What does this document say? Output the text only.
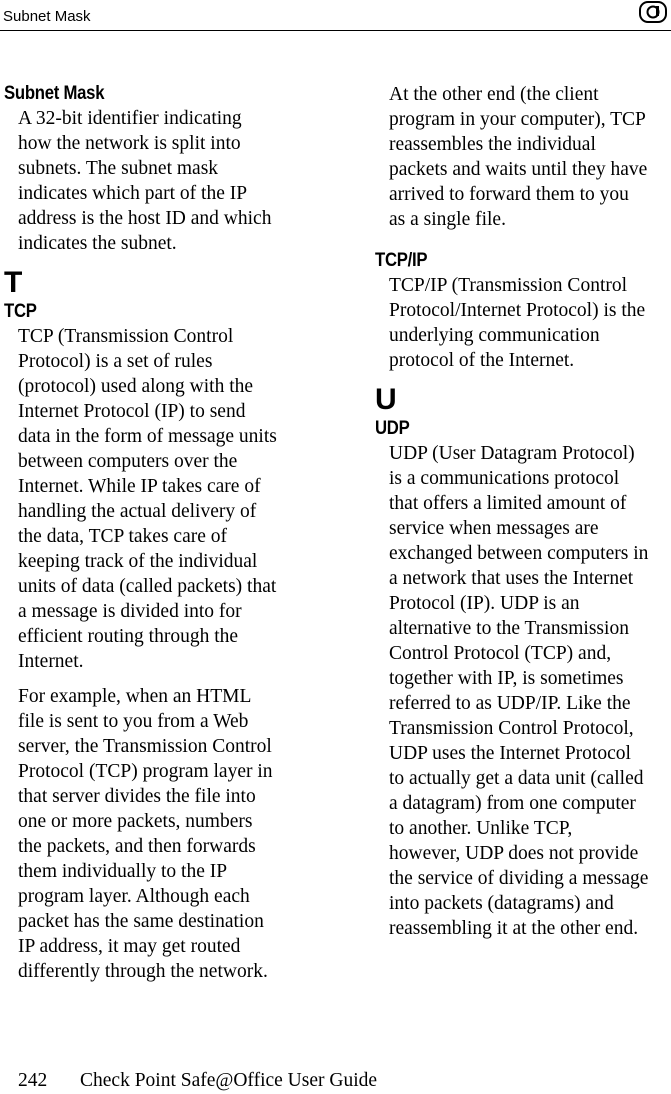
Subnet Mask
Subnet Mask

A 32-bit identifier indicating
how the network is split into
subnets. The subnet mask
indicates which part of the IP
address is the host ID and which
indicates the subnet.

T
TCP

TCP (Transmission Control
Protocol) is a set of rules
(protocol) used along with the
Internet Protocol (IP) to send
data in the form of message units
between computers over the
Internet. While IP takes care of
handling the actual delivery of
the data, TCP takes care of
keeping track of the individual
units of data (called packets) that
a message is divided into for
efficient routing through the
Internet.

For example, when an HTML
file is sent to you from a Web
server, the Transmission Control
Protocol (TCP) program layer in
that server divides the file into
one or more packets, numbers
the packets, and then forwards
them individually to the IP
program layer. Although each
packet has the same destination
IP address, it may get routed
differently through the network.

At the other end (the client
program in your computer), TCP
reassembles the individual
packets and waits until they have
arrived to forward them to you
as a single file.

TCP/IP

TCP/IP (Transmission Control
Protocol/Internet Protocol) is the
underlying communication
protocol of the Internet.

U
UDP

UDP (User Datagram Protocol)
is a communications protocol
that offers a limited amount of
service when messages are
exchanged between computers in
a network that uses the Internet
Protocol (IP). UDP is an
alternative to the Transmission
Control Protocol (TCP) and,
together with IP, is sometimes
referred to as UDP/IP. Like the
Transmission Control Protocol,
UDP uses the Internet Protocol
to actually get a data unit (called
a datagram) from one computer
to another. Unlike TCP,
however, UDP does not provide
the service of dividing a message
into packets (datagrams) and
reassembling it at the other end.

242 Check Point Safe@Office User Guide
